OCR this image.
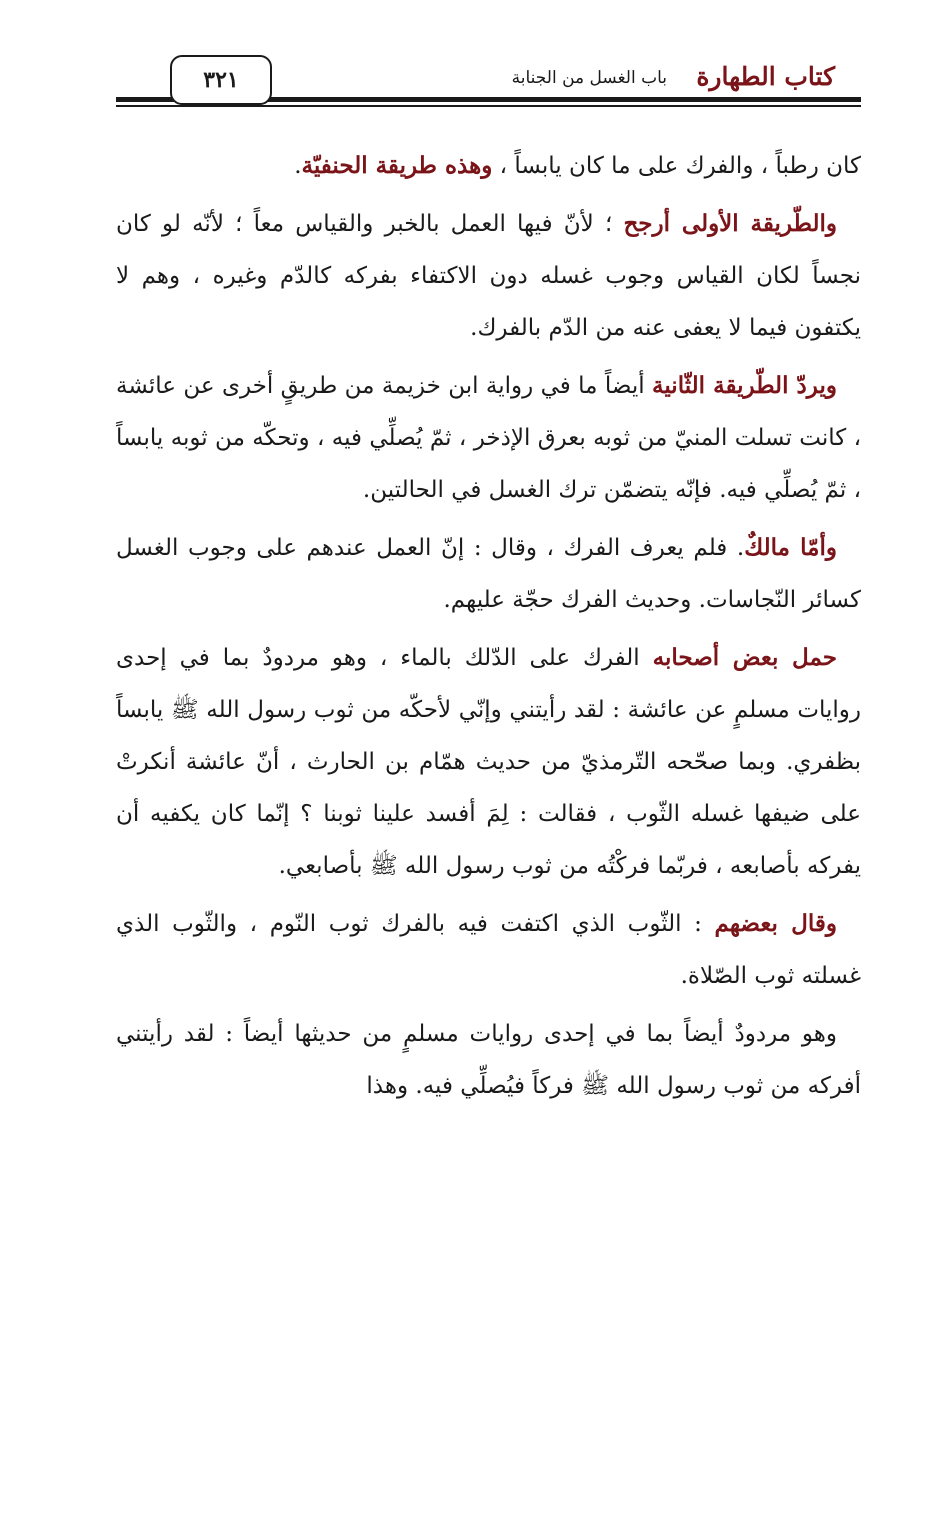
٣٢١	كتاب الطهارة
باب الغسل من الجنابة

كان رطباً ، والفرك على ما كان يابساً ، وهذه طريقة الحنفيّة.

والطّريقة الأولى أرجح ؛ لأنّ فيها العمل بالخبر والقياس معاً ؛ لأنّه لو كان نجساً لكان القياس وجوب غسله دون الاكتفاء بفركه كالدّم وغيره ، وهم لا يكتفون فيما لا يعفى عنه من الدّم بالفرك.

ويردّ الطّريقة الثّانية أيضاً ما في رواية ابن خزيمة من طريقٍ أخرى عن عائشة ، كانت تسلت المنيّ من ثوبه بعرق الإذخر ، ثمّ يُصلِّي فيه ، وتحكّه من ثوبه يابساً ، ثمّ يُصلِّي فيه. فإنّه يتضمّن ترك الغسل في الحالتين.

وأمّا مالكٌ. فلم يعرف الفرك ، وقال : إنّ العمل عندهم على وجوب الغسل كسائر النّجاسات. وحديث الفرك حجّة عليهم.

حمل بعض أصحابه الفرك على الدّلك بالماء ، وهو مردودٌ بما في إحدى روايات مسلمٍ عن عائشة : لقد رأيتني وإنّي لأحكّه من ثوب رسول الله ﷺ يابساً بظفري. وبما صحّحه التّرمذيّ من حديث همّام بن الحارث ، أنّ عائشة أنكرتْ على ضيفها غسله الثّوب ، فقالت : لِمَ أفسد علينا ثوبنا ؟ إنّما كان يكفيه أن يفركه بأصابعه ، فربّما فركْتُه من ثوب رسول الله ﷺ بأصابعي.

وقال بعضهم : الثّوب الذي اكتفت فيه بالفرك ثوب النّوم ، والثّوب الذي غسلته ثوب الصّلاة.

وهو مردودٌ أيضاً بما في إحدى روايات مسلمٍ من حديثها أيضاً : لقد رأيتني أفركه من ثوب رسول الله ﷺ فركاً فيُصلِّي فيه. وهذا
